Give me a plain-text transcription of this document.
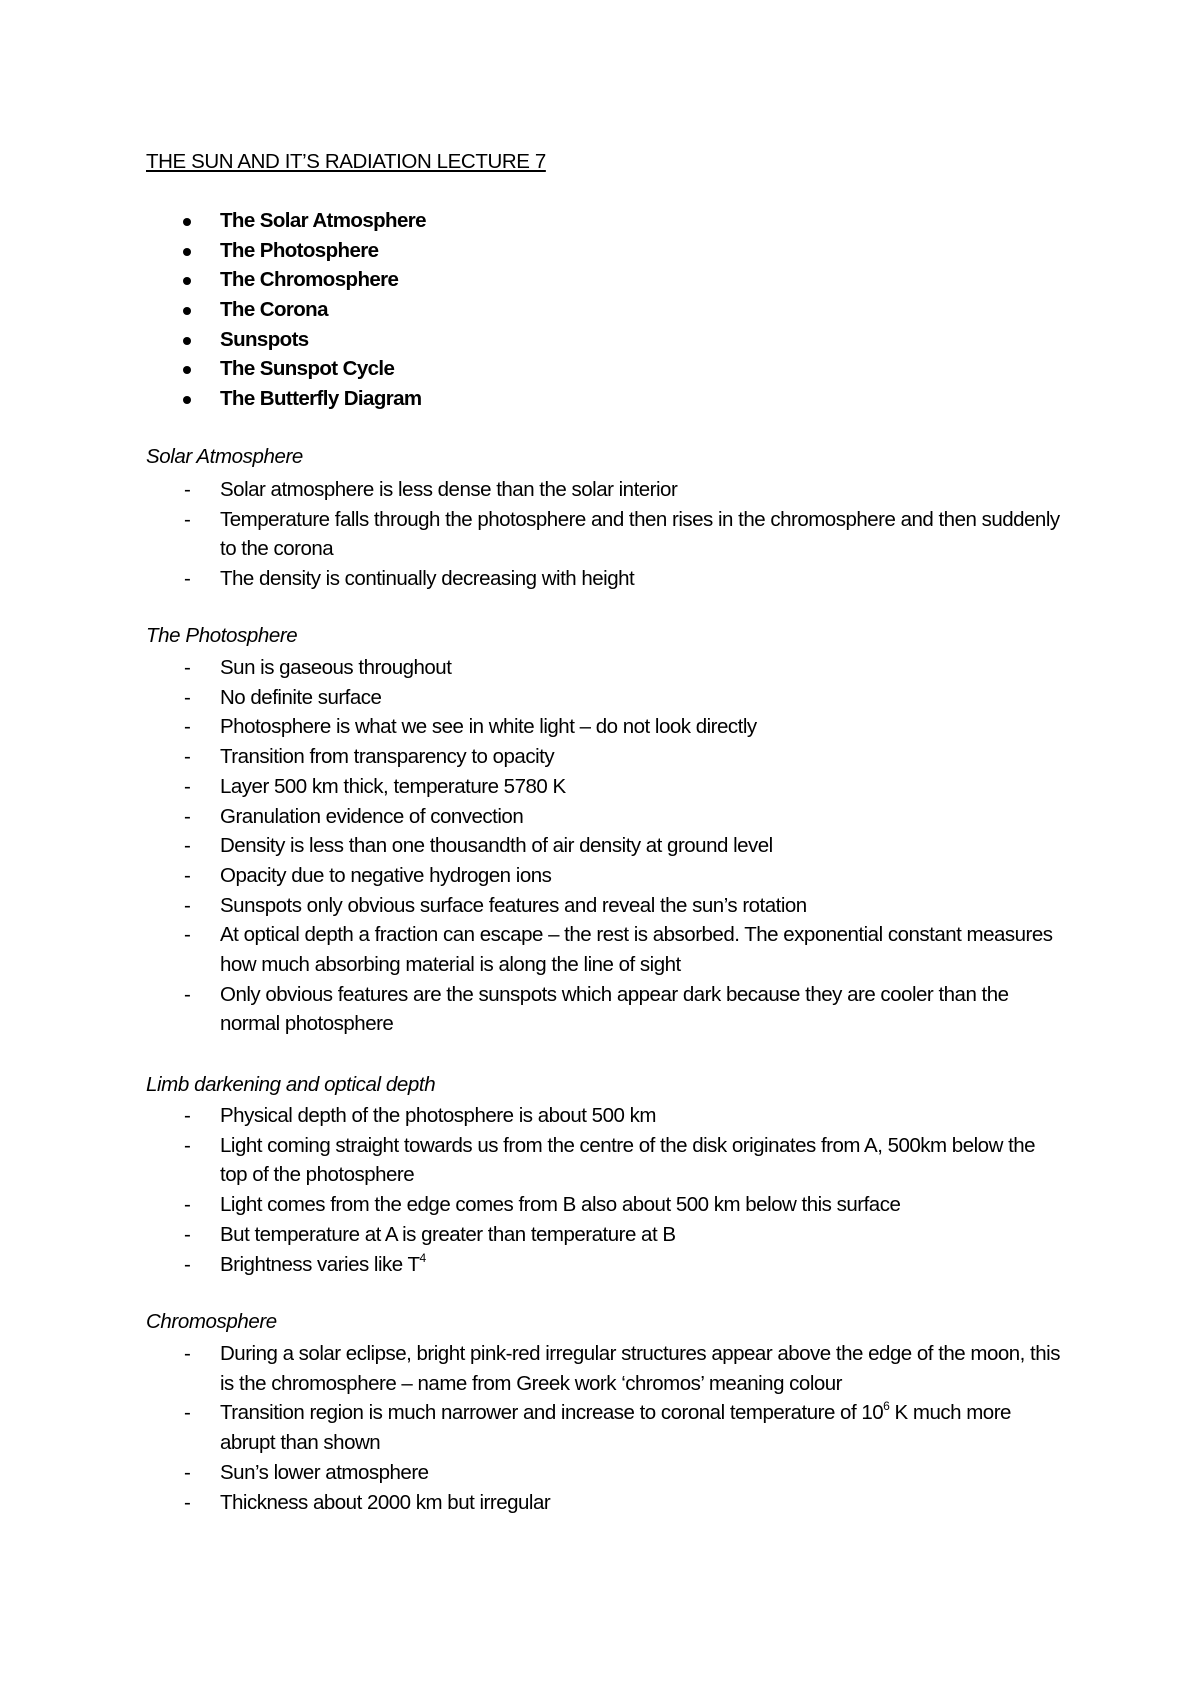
THE SUN AND IT’S RADIATION LECTURE 7
The Solar Atmosphere
The Photosphere
The Chromosphere
The Corona
Sunspots
The Sunspot Cycle
The Butterfly Diagram
Solar Atmosphere
- Solar atmosphere is less dense than the solar interior
- Temperature falls through the photosphere and then rises in the chromosphere and then suddenly to the corona
- The density is continually decreasing with height
The Photosphere
- Sun is gaseous throughout
- No definite surface
- Photosphere is what we see in white light – do not look directly
- Transition from transparency to opacity
- Layer 500 km thick, temperature 5780 K
- Granulation evidence of convection
- Density is less than one thousandth of air density at ground level
- Opacity due to negative hydrogen ions
- Sunspots only obvious surface features and reveal the sun’s rotation
- At optical depth a fraction can escape – the rest is absorbed. The exponential constant measures how much absorbing material is along the line of sight
- Only obvious features are the sunspots which appear dark because they are cooler than the normal photosphere
Limb darkening and optical depth
- Physical depth of the photosphere is about 500 km
- Light coming straight towards us from the centre of the disk originates from A, 500km below the top of the photosphere
- Light comes from the edge comes from B also about 500 km below this surface
- But temperature at A is greater than temperature at B
- Brightness varies like $T^4$
Chromosphere
- During a solar eclipse, bright pink-red irregular structures appear above the edge of the moon, this is the chromosphere – name from Greek work ‘chromos’ meaning colour
- Transition region is much narrower and increase to coronal temperature of $10^6$ K much more abrupt than shown
- Sun’s lower atmosphere
- Thickness about 2000 km but irregular
